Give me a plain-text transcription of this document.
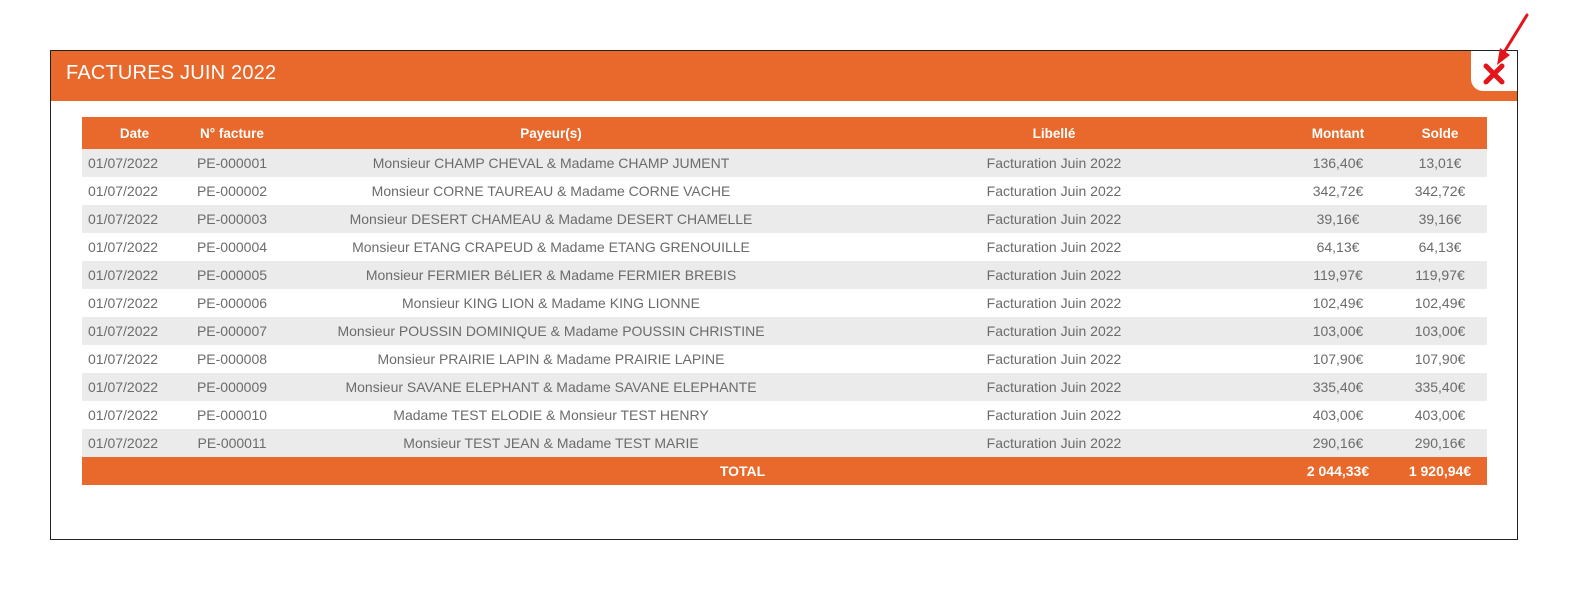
FACTURES JUIN 2022
Date	N° facture	Payeur(s)	Libellé	Montant	Solde
01/07/2022	PE-000001	Monsieur CHAMP CHEVAL & Madame CHAMP JUMENT	Facturation Juin 2022	136,40€	13,01€
01/07/2022	PE-000002	Monsieur CORNE TAUREAU & Madame CORNE VACHE	Facturation Juin 2022	342,72€	342,72€
01/07/2022	PE-000003	Monsieur DESERT CHAMEAU & Madame DESERT CHAMELLE	Facturation Juin 2022	39,16€	39,16€
01/07/2022	PE-000004	Monsieur ETANG CRAPEUD & Madame ETANG GRENOUILLE	Facturation Juin 2022	64,13€	64,13€
01/07/2022	PE-000005	Monsieur FERMIER BéLIER & Madame FERMIER BREBIS	Facturation Juin 2022	119,97€	119,97€
01/07/2022	PE-000006	Monsieur KING LION & Madame KING LIONNE	Facturation Juin 2022	102,49€	102,49€
01/07/2022	PE-000007	Monsieur POUSSIN DOMINIQUE & Madame POUSSIN CHRISTINE	Facturation Juin 2022	103,00€	103,00€
01/07/2022	PE-000008	Monsieur PRAIRIE LAPIN & Madame PRAIRIE LAPINE	Facturation Juin 2022	107,90€	107,90€
01/07/2022	PE-000009	Monsieur SAVANE ELEPHANT & Madame SAVANE ELEPHANTE	Facturation Juin 2022	335,40€	335,40€
01/07/2022	PE-000010	Madame TEST ELODIE & Monsieur TEST HENRY	Facturation Juin 2022	403,00€	403,00€
01/07/2022	PE-000011	Monsieur TEST JEAN & Madame TEST MARIE	Facturation Juin 2022	290,16€	290,16€
TOTAL				2 044,33€	1 920,94€
